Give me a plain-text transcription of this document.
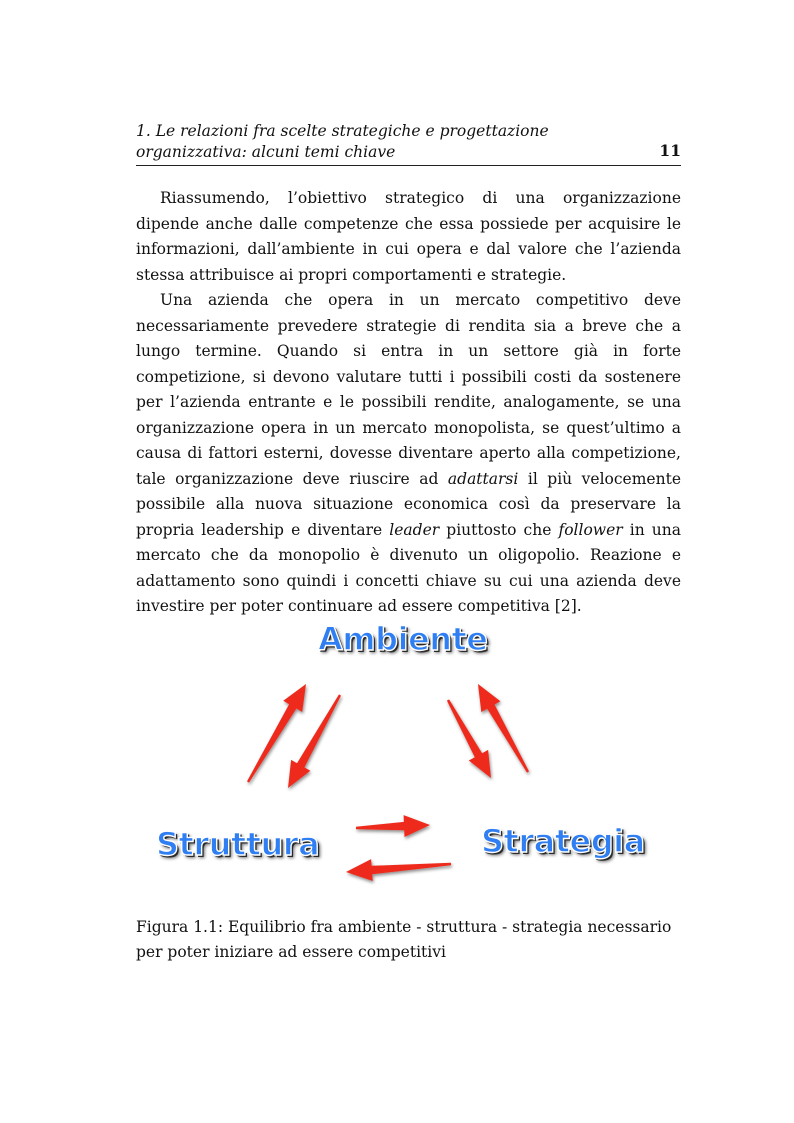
1. Le relazioni fra scelte strategiche e progettazione organizzativa: alcuni temi chiave	11

Riassumendo, l’obiettivo strategico di una organizzazione dipende anche dalle competenze che essa possiede per acquisire le informazioni, dall’ambiente in cui opera e dal valore che l’azienda stessa attribuisce ai propri comportamenti e strategie.

Una azienda che opera in un mercato competitivo deve necessariamente prevedere strategie di rendita sia a breve che a lungo termine. Quando si entra in un settore già in forte competizione, si devono valutare tutti i possibili costi da sostenere per l’azienda entrante e le possibili rendite, analogamente, se una organizzazione opera in un mercato monopolista, se quest’ultimo a causa di fattori esterni, dovesse diventare aperto alla competizione, tale organizzazione deve riuscire ad adattarsi il più velocemente possibile alla nuova situazione economica così da preservare la propria leadership e diventare leader piuttosto che follower in una mercato che da monopolio è divenuto un oligopolio. Reazione e adattamento sono quindi i concetti chiave su cui una azienda deve investire per poter continuare ad essere competitiva [2].

Ambiente
Struttura	Strategia
Figura 1.1: Equilibrio fra ambiente - struttura - strategia necessario per poter iniziare ad essere competitivi
